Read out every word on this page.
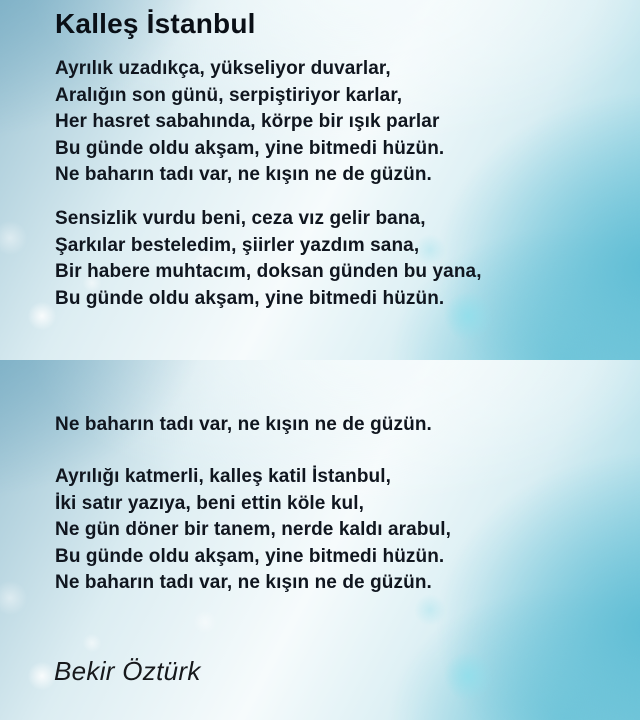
Kalleş İstanbul
Ayrılık uzadıkça, yükseliyor duvarlar,
Aralığın son günü, serpiştiriyor karlar,
Her hasret sabahında, körpe bir ışık parlar
Bu günde oldu akşam, yine bitmedi hüzün.
Ne baharın tadı var, ne kışın ne de güzün.
Sensizlik vurdu beni, ceza vız gelir bana,
Şarkılar besteledim, şiirler yazdım sana,
Bir habere muhtacım, doksan günden bu yana,
Bu günde oldu akşam, yine bitmedi hüzün.
Ne baharın tadı var, ne kışın ne de güzün.
Ayrılığı katmerli, kalleş katil İstanbul,
İki satır yazıya, beni ettin köle kul,
Ne gün döner bir tanem, nerde kaldı arabul,
Bu günde oldu akşam, yine bitmedi hüzün.
Ne baharın tadı var, ne kışın ne de güzün.
Bekir Öztürk
